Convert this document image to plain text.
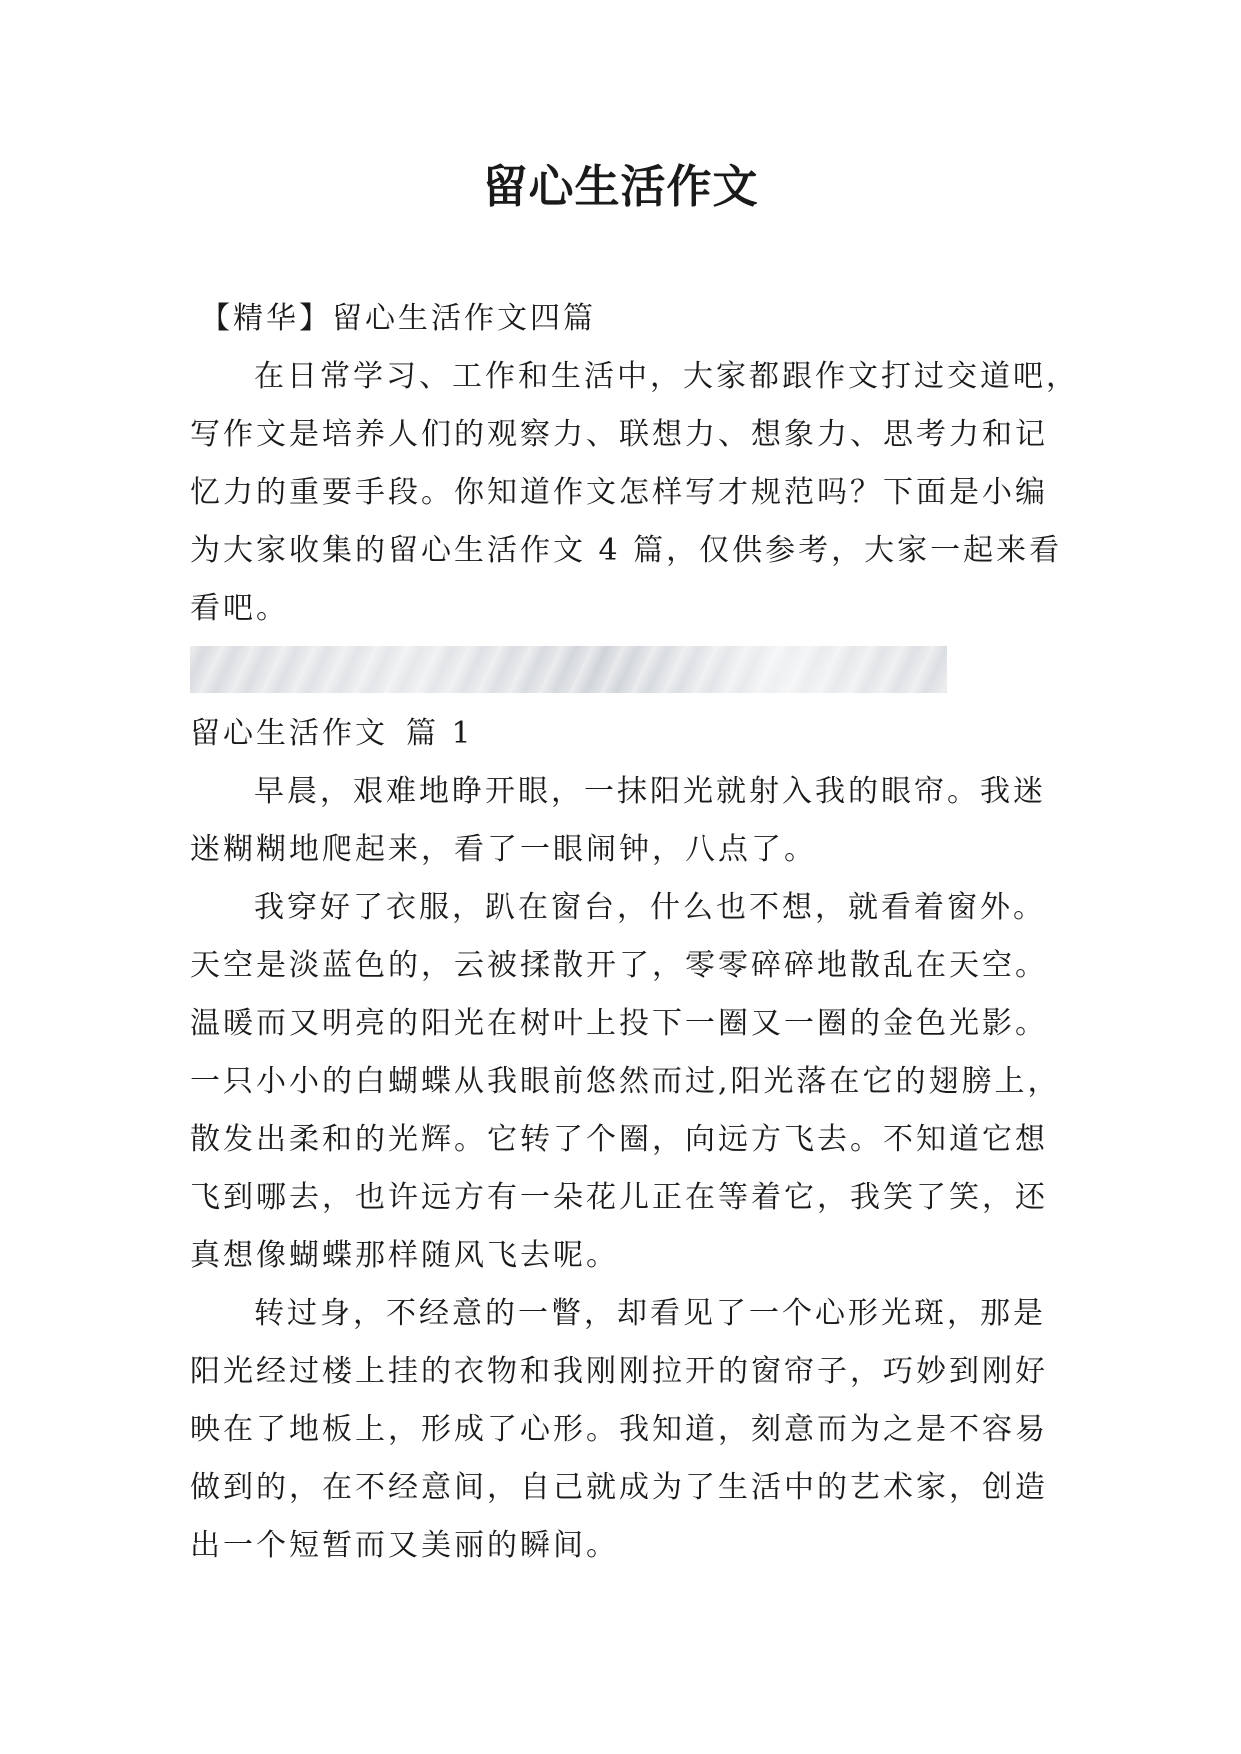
留心生活作文
【精华】留心生活作文四篇
在日常学习、工作和生活中，大家都跟作文打过交道吧，
写作文是培养人们的观察力、联想力、想象力、思考力和记
忆力的重要手段。你知道作文怎样写才规范吗？下面是小编
为大家收集的留心生活作文 4 篇，仅供参考，大家一起来看
看吧。
留心生活作文 篇 1
早晨，艰难地睁开眼，一抹阳光就射入我的眼帘。我迷
迷糊糊地爬起来，看了一眼闹钟，八点了。
我穿好了衣服，趴在窗台，什么也不想，就看着窗外。
天空是淡蓝色的，云被揉散开了，零零碎碎地散乱在天空。
温暖而又明亮的阳光在树叶上投下一圈又一圈的金色光影。
一只小小的白蝴蝶从我眼前悠然而过,阳光落在它的翅膀上，
散发出柔和的光辉。它转了个圈，向远方飞去。不知道它想
飞到哪去，也许远方有一朵花儿正在等着它，我笑了笑，还
真想像蝴蝶那样随风飞去呢。
转过身，不经意的一瞥，却看见了一个心形光斑，那是
阳光经过楼上挂的衣物和我刚刚拉开的窗帘子，巧妙到刚好
映在了地板上，形成了心形。我知道，刻意而为之是不容易
做到的，在不经意间，自己就成为了生活中的艺术家，创造
出一个短暂而又美丽的瞬间。
